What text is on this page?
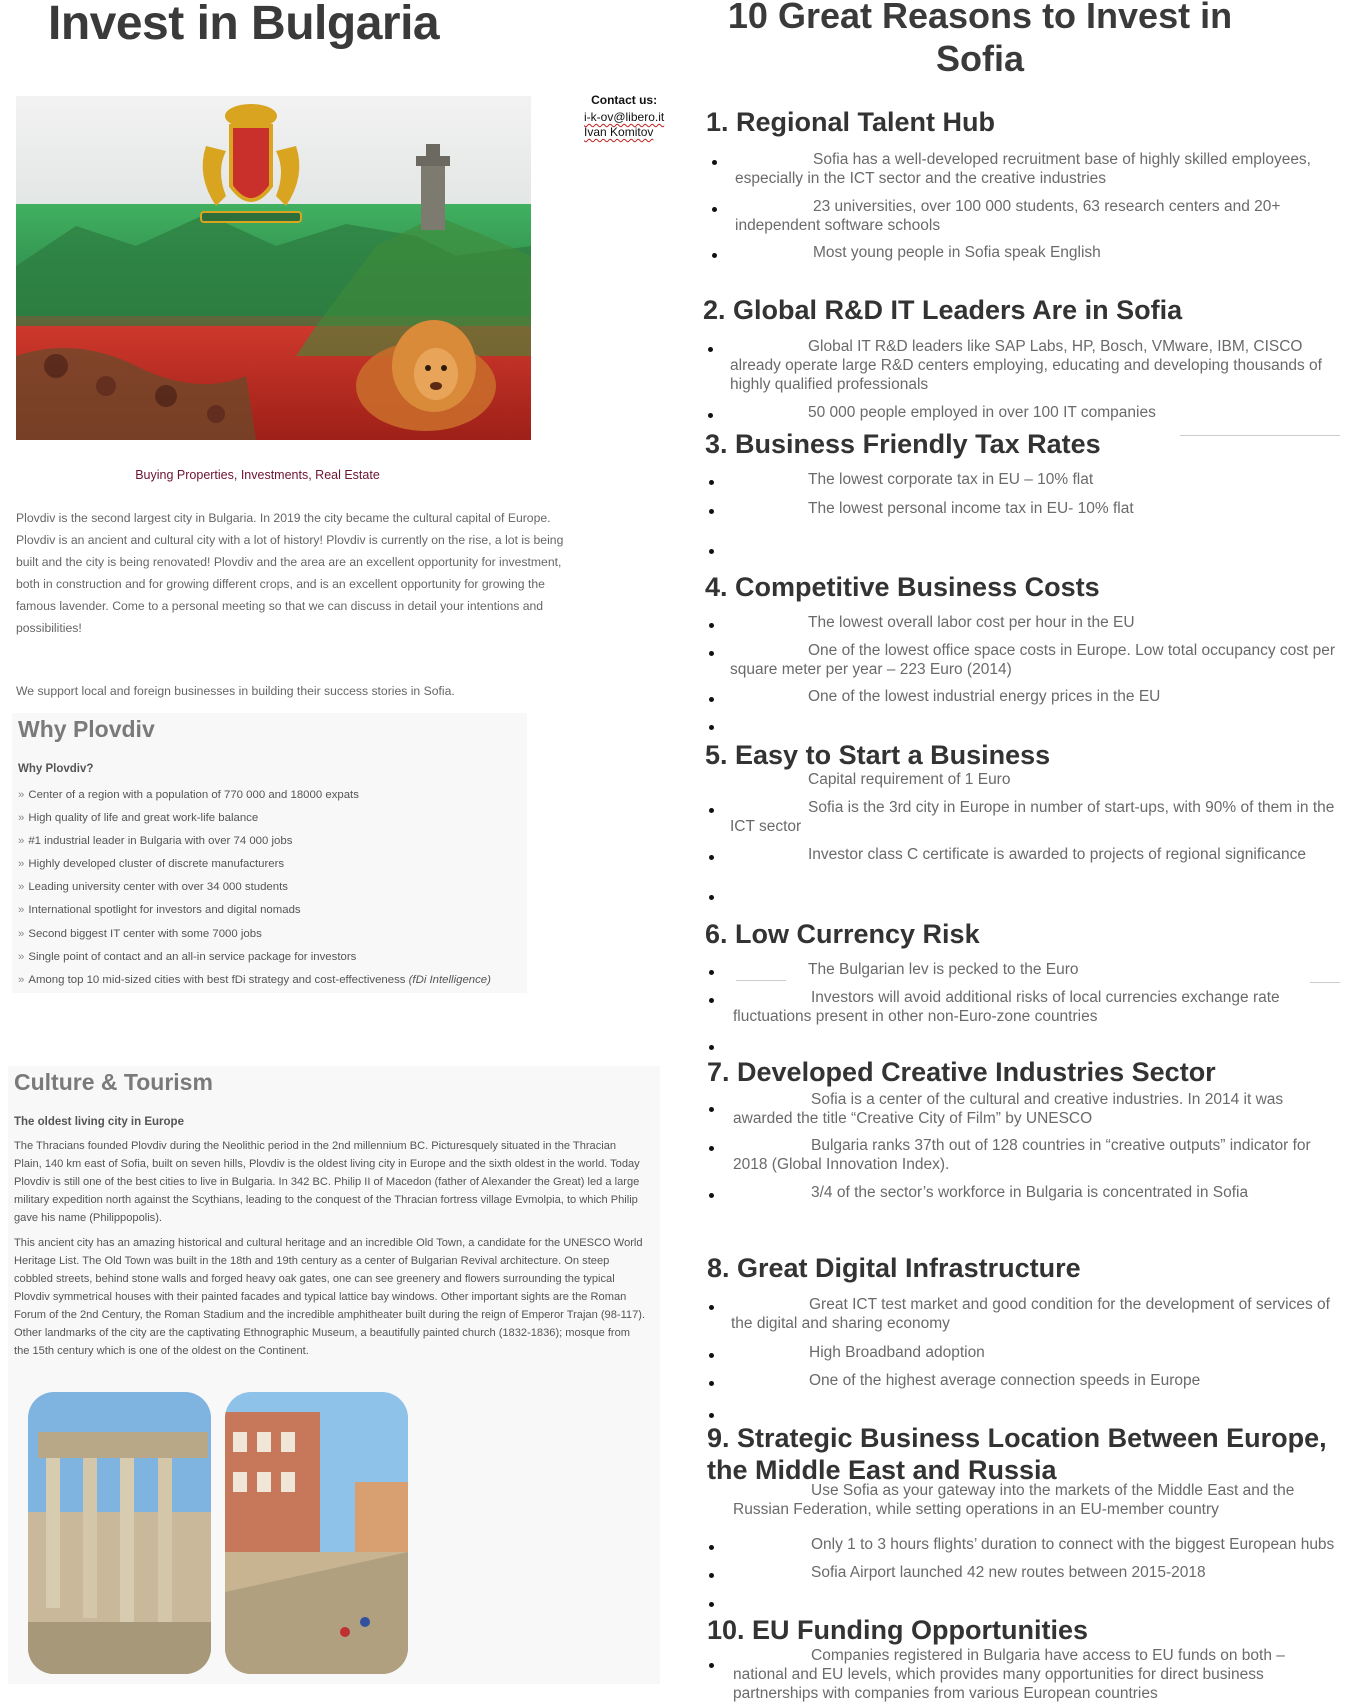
Invest in Bulgaria
Contact us:
i-k-ov@libero.it
Ivan Komitov
Buying Properties, Investments, Real Estate
Plovdiv is the second largest city in Bulgaria. In 2019 the city became the cultural capital of Europe. Plovdiv is an ancient and cultural city with a lot of history! Plovdiv is currently on the rise, a lot is being built and the city is being renovated! Plovdiv and the area are an excellent opportunity for investment, both in construction and for growing different crops, and is an excellent opportunity for growing the famous lavender. Come to a personal meeting so that we can discuss in detail your intentions and possibilities!
We support local and foreign businesses in building their success stories in Sofia.
Why Plovdiv
Why Plovdiv?
» Center of a region with a population of 770 000 and 18000 expats
» High quality of life and great work-life balance
» #1 industrial leader in Bulgaria with over 74 000 jobs
» Highly developed cluster of discrete manufacturers
» Leading university center with over 34 000 students
» International spotlight for investors and digital nomads
» Second biggest IT center with some 7000 jobs
» Single point of contact and an all-in service package for investors
» Among top 10 mid-sized cities with best fDi strategy and cost-effectiveness (fDi Intelligence)
Culture & Tourism
The oldest living city in Europe

The Thracians founded Plovdiv during the Neolithic period in the 2nd millennium BC. Picturesquely situated in the Thracian Plain, 140 km east of Sofia, built on seven hills, Plovdiv is the oldest living city in Europe and the sixth oldest in the world. Today Plovdiv is still one of the best cities to live in Bulgaria. In 342 BC. Philip II of Macedon (father of Alexander the Great) led a large military expedition north against the Scythians, leading to the conquest of the Thracian fortress village Evmolpia, to which Philip gave his name (Philippopolis).

This ancient city has an amazing historical and cultural heritage and an incredible Old Town, a candidate for the UNESCO World Heritage List. The Old Town was built in the 18th and 19th century as a center of Bulgarian Revival architecture. On steep cobbled streets, behind stone walls and forged heavy oak gates, one can see greenery and flowers surrounding the typical Plovdiv symmetrical houses with their painted facades and typical lattice bay windows. Other important sights are the Roman Forum of the 2nd Century, the Roman Stadium and the incredible amphitheater built during the reign of Emperor Trajan (98-117). Other landmarks of the city are the captivating Ethnographic Museum, a beautifully painted church (1832-1836); mosque from the 15th century which is one of the oldest on the Continent.

10 Great Reasons to Invest in Sofia
1. Regional Talent Hub
Sofia has a well-developed recruitment base of highly skilled employees, especially in the ICT sector and the creative industries
23 universities, over 100 000 students, 63 research centers and 20+ independent software schools
Most young people in Sofia speak English
2. Global R&D IT Leaders Are in Sofia
Global IT R&D leaders like SAP Labs, HP, Bosch, VMware, IBM, CISCO already operate large R&D centers employing, educating and developing thousands of highly qualified professionals
50 000 people employed in over 100 IT companies
3. Business Friendly Tax Rates
The lowest corporate tax in EU – 10% flat
The lowest personal income tax in EU- 10% flat
4. Competitive Business Costs
The lowest overall labor cost per hour in the EU
One of the lowest office space costs in Europe. Low total occupancy cost per square meter per year – 223 Euro (2014)
One of the lowest industrial energy prices in the EU
5. Easy to Start a Business
Capital requirement of 1 Euro
Sofia is the 3rd city in Europe in number of start-ups, with 90% of them in the ICT sector
Investor class C certificate is awarded to projects of regional significance
6. Low Currency Risk
The Bulgarian lev is pecked to the Euro
Investors will avoid additional risks of local currencies exchange rate fluctuations present in other non-Euro-zone countries
7. Developed Creative Industries Sector
Sofia is a center of the cultural and creative industries. In 2014 it was awarded the title “Creative City of Film” by UNESCO
Bulgaria ranks 37th out of 128 countries in “creative outputs” indicator for 2018 (Global Innovation Index).
3/4 of the sector’s workforce in Bulgaria is concentrated in Sofia
8. Great Digital Infrastructure
Great ICT test market and good condition for the development of services of the digital and sharing economy
High Broadband adoption
One of the highest average connection speeds in Europe
9. Strategic Business Location Between Europe, the Middle East and Russia
Use Sofia as your gateway into the markets of the Middle East and the Russian Federation, while setting operations in an EU-member country
Only 1 to 3 hours flights’ duration to connect with the biggest European hubs
Sofia Airport launched 42 new routes between 2015-2018
10. EU Funding Opportunities
Companies registered in Bulgaria have access to EU funds on both – national and EU levels, which provides many opportunities for direct business partnerships with companies from various European countries
